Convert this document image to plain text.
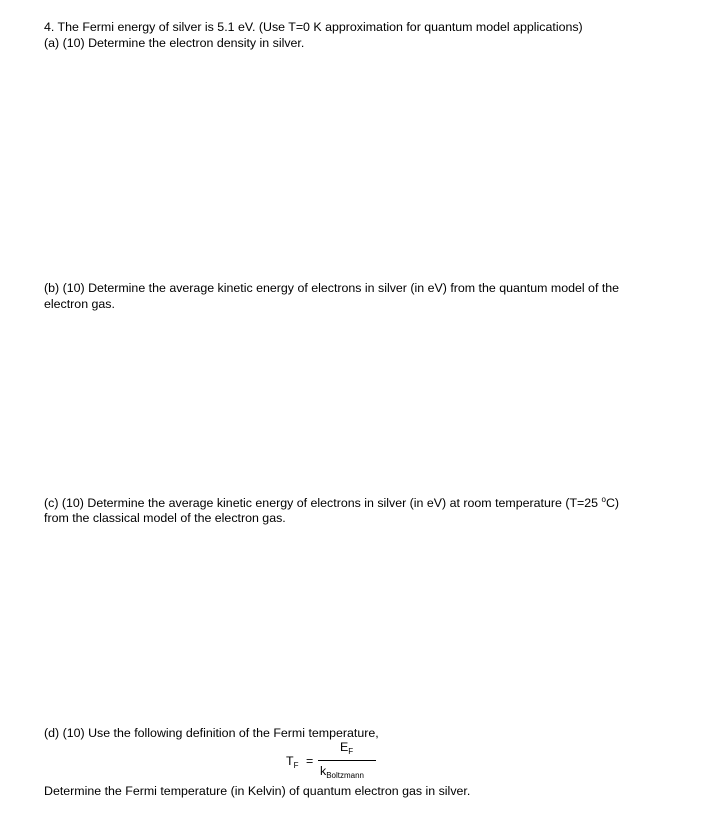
4. The Fermi energy of silver is 5.1 eV. (Use T=0 K approximation for quantum model applications)
(a) (10) Determine the electron density in silver.
(b) (10) Determine the average kinetic energy of electrons in silver (in eV) from the quantum model of the
electron gas.
(c) (10) Determine the average kinetic energy of electrons in silver (in eV) at room temperature (T=25 $^o$C)
from the classical model of the electron gas.
(d) (10) Use the following definition of the Fermi temperature,
$T_F$ =
$E_F$
$k_{Boltzmann}$
Determine the Fermi temperature (in Kelvin) of quantum electron gas in silver.
